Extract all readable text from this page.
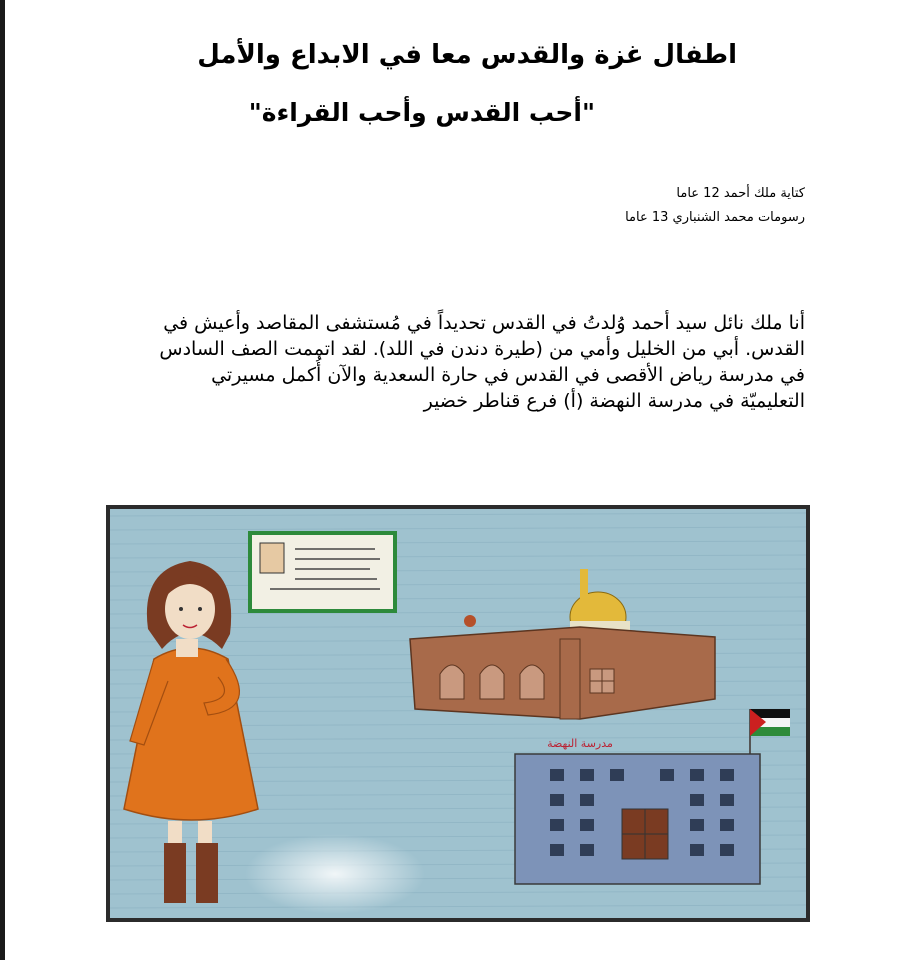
اطفال غزة والقدس معا في الابداع والأمل
"أحب القدس وأحب القراءة"
كتاية ملك أحمد 12 عاما
رسومات محمد الشنباري 13 عاما
أنا ملك نائل سيد أحمد وُلدتُ في القدس تحديداً في مُستشفى المقاصد وأعيش في
القدس. أبي من الخليل وأمي من (طيرة دندن في اللد). لقد اتممت الصف السادس
في مدرسة رياض الأقصى في القدس في حارة السعدية والآن أُكمل مسيرتي
التعليميّة في مدرسة النهضة (أ) فرع قناطر خضير
مدرسة النهضة
